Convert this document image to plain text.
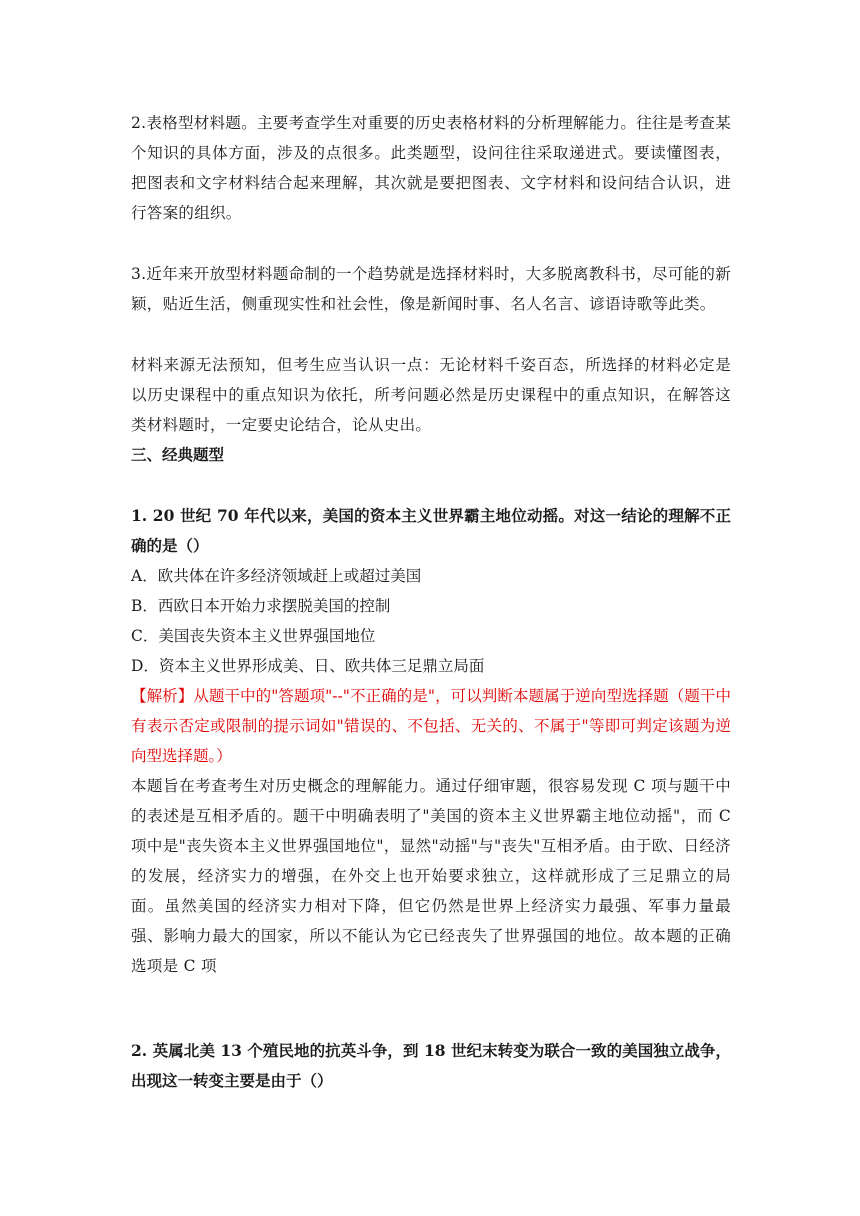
2.表格型材料题。主要考查学生对重要的历史表格材料的分析理解能力。往往是考查某个知识的具体方面，涉及的点很多。此类题型，设问往往采取递进式。要读懂图表，把图表和文字材料结合起来理解，其次就是要把图表、文字材料和设问结合认识，进行答案的组织。

3.近年来开放型材料题命制的一个趋势就是选择材料时，大多脱离教科书，尽可能的新颖，贴近生活，侧重现实性和社会性，像是新闻时事、名人名言、谚语诗歌等此类。

材料来源无法预知，但考生应当认识一点：无论材料千姿百态，所选择的材料必定是以历史课程中的重点知识为依托，所考问题必然是历史课程中的重点知识，在解答这类材料题时，一定要史论结合，论从史出。

三、经典题型

1. 20 世纪 70 年代以来，美国的资本主义世界霸主地位动摇。对这一结论的理解不正确的是（）

A．欧共体在许多经济领域赶上或超过美国

B．西欧日本开始力求摆脱美国的控制

C．美国丧失资本主义世界强国地位

D．资本主义世界形成美、日、欧共体三足鼎立局面

【解析】从题干中的"答题项"--"不正确的是"，可以判断本题属于逆向型选择题（题干中有表示否定或限制的提示词如"错误的、不包括、无关的、不属于"等即可判定该题为逆向型选择题。）

本题旨在考查考生对历史概念的理解能力。通过仔细审题，很容易发现 C 项与题干中的表述是互相矛盾的。题干中明确表明了"美国的资本主义世界霸主地位动摇"，而 C 项中是"丧失资本主义世界强国地位"，显然"动摇"与"丧失"互相矛盾。由于欧、日经济的发展，经济实力的增强，在外交上也开始要求独立，这样就形成了三足鼎立的局面。虽然美国的经济实力相对下降，但它仍然是世界上经济实力最强、军事力量最强、影响力最大的国家，所以不能认为它已经丧失了世界强国的地位。故本题的正确选项是 C 项

2. 英属北美 13 个殖民地的抗英斗争，到 18 世纪末转变为联合一致的美国独立战争，出现这一转变主要是由于（）
